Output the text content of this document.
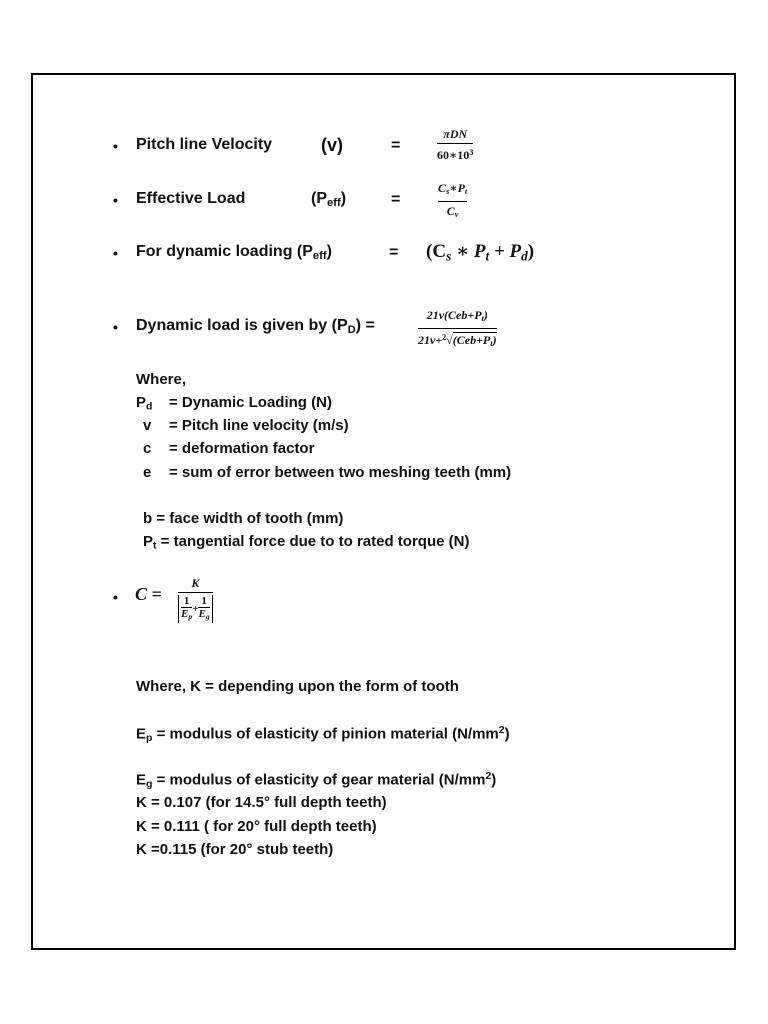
• Pitch line Velocity	(v)	=
πDN
$60∗10^3$
• Effective Load	$(P_{eff})$	=
$C_s∗P_t$
$C_v$
• For dynamic loading $(P_{eff})$	= ($C_s$ ∗ $P_t + P_d$)
• Dynamic load is given by $(P_D)$ =
$21v(Ceb+P_t)$
$21v+^2√(Ceb+P_t)$
Where,
$P_d$ = Dynamic Loading (N)
v = Pitch line velocity (m/s)
c = deformation factor
e = sum of error between two meshing teeth (mm)
b = face width of tooth (mm)
$P_t$ = tangential force due to to rated torque (N)
• C =
K
1
$E_p$
+
1
$E_g$
Where, K = depending upon the form of tooth
$E_p$ = modulus of elasticity of pinion material $(N/mm^2)$
$E_g$ = modulus of elasticity of gear material $(N/mm^2)$
K = 0.107 (for 14.5° full depth teeth)
K = 0.111 ( for 20° full depth teeth)
K =0.115 (for 20° stub teeth)
